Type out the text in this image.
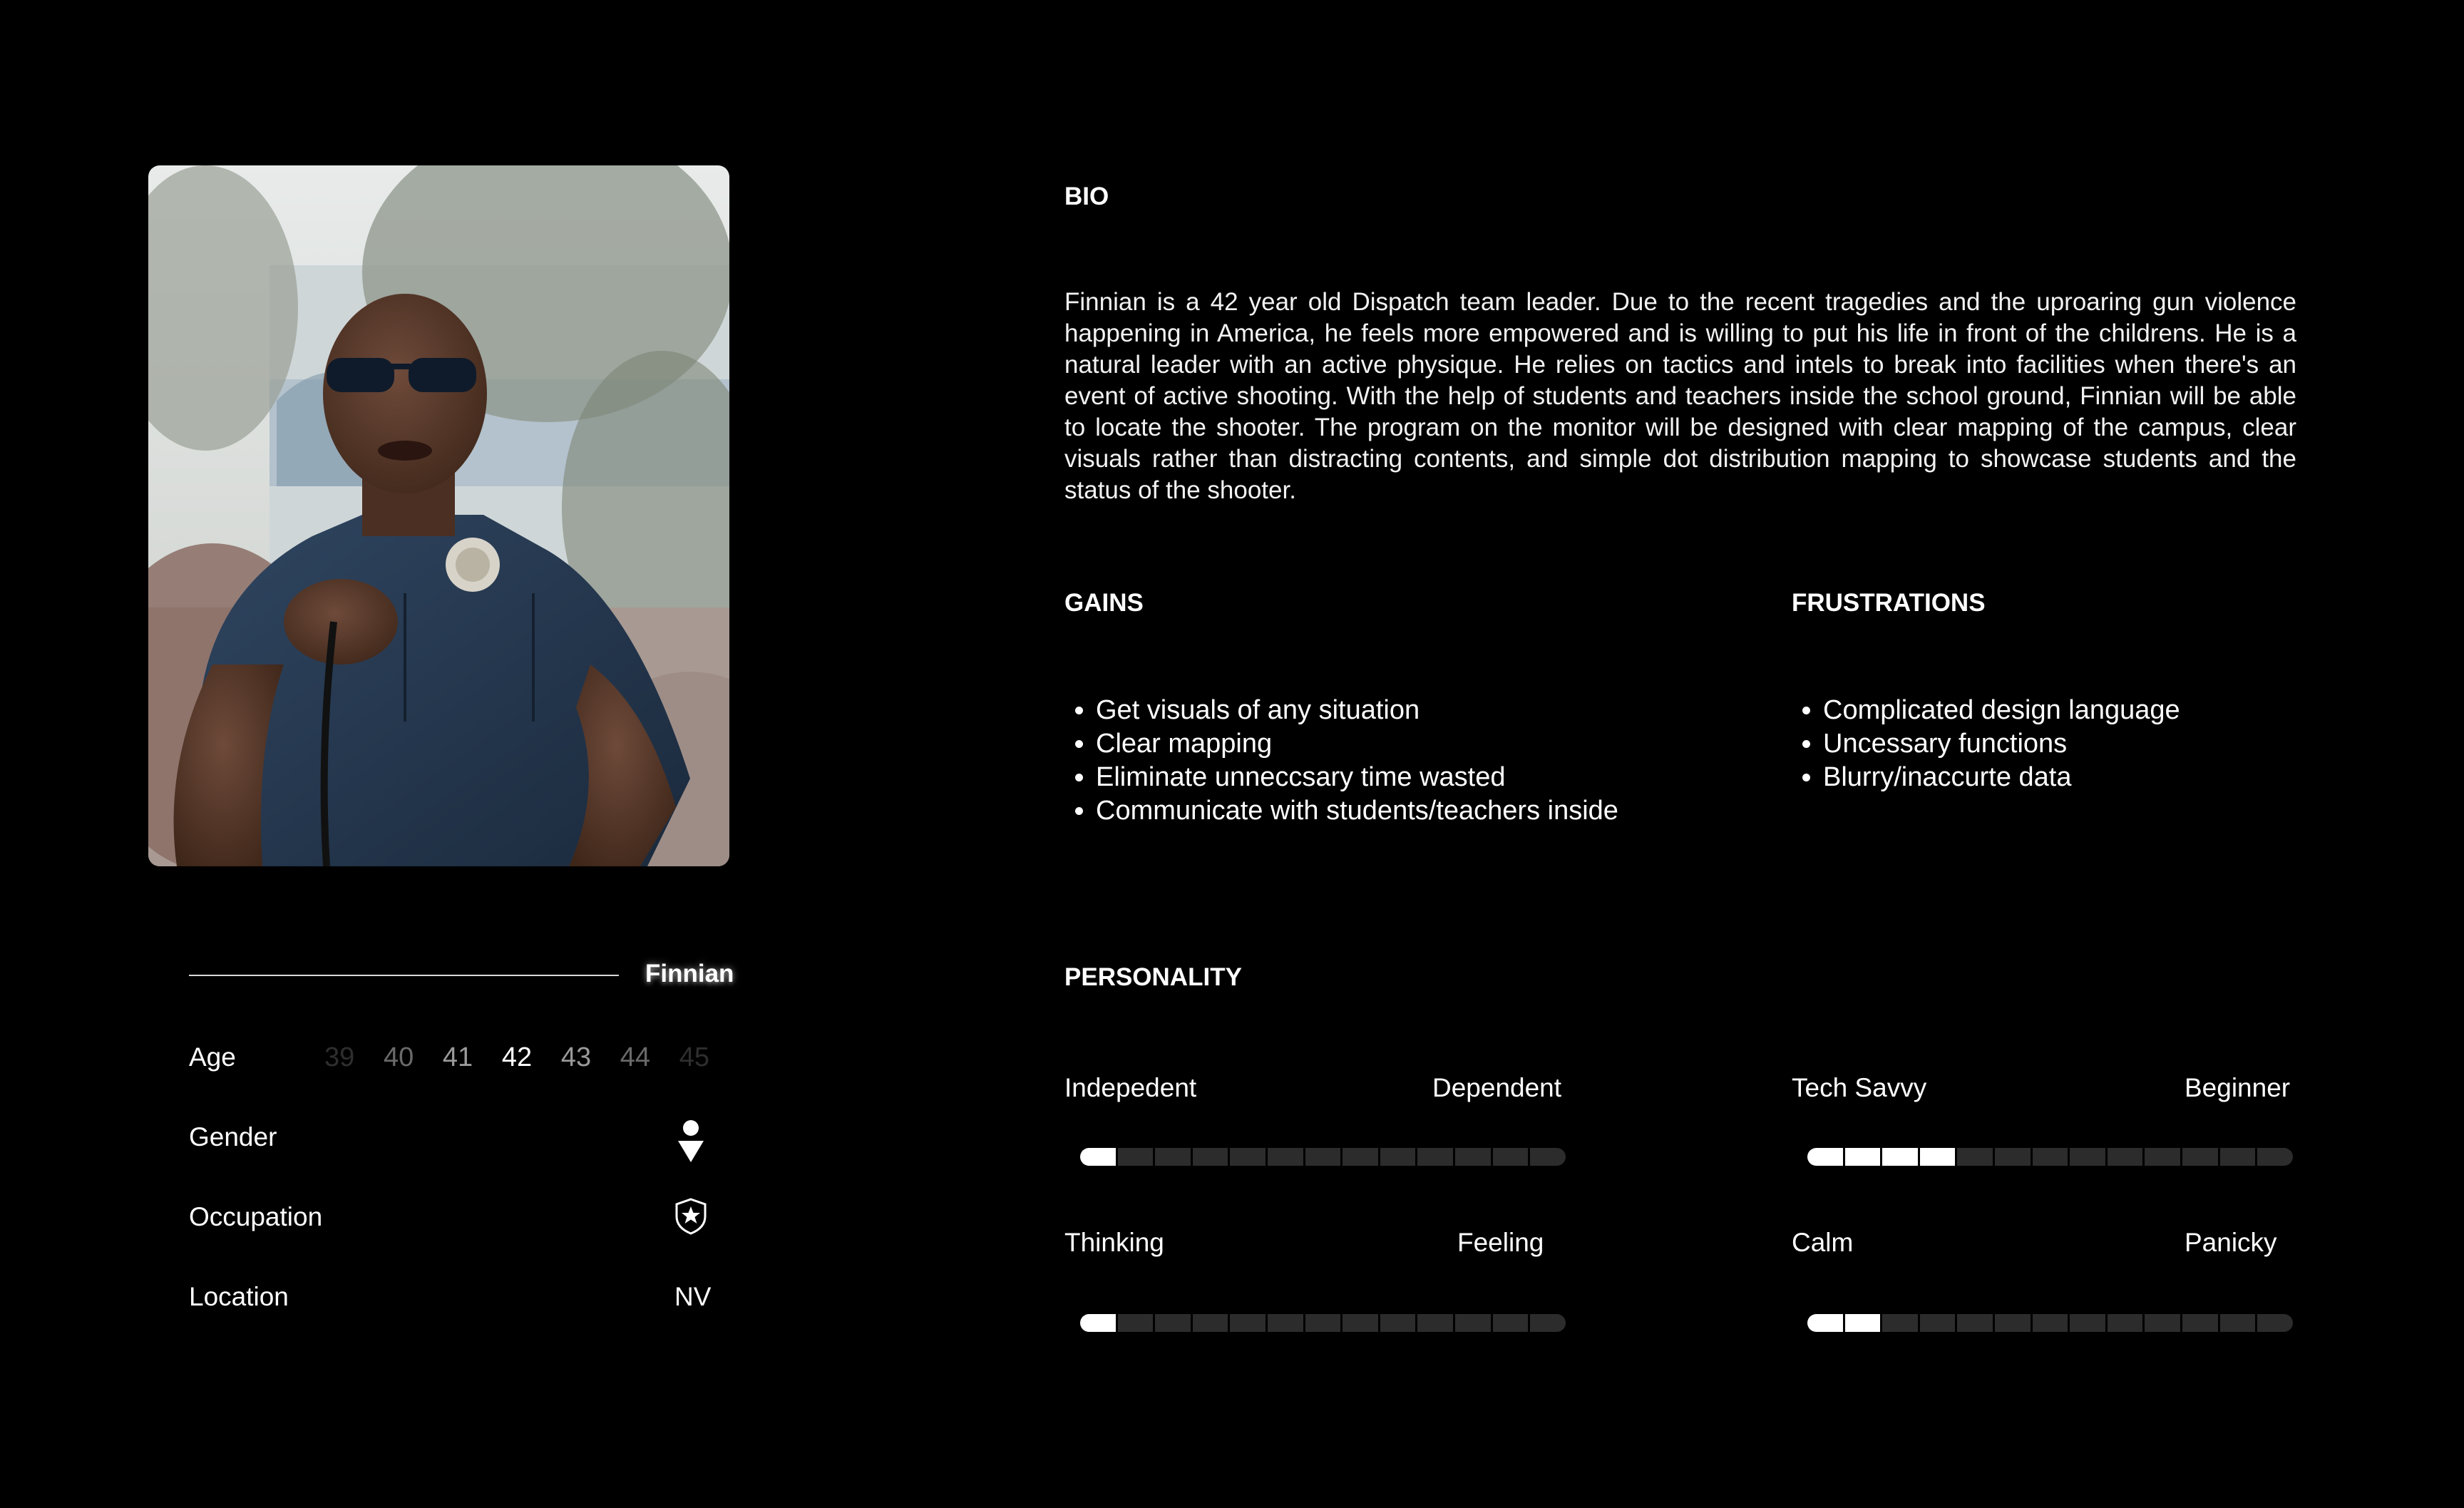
Finnian
Age	39 40 41 42 43 44 45
Gender
Occupation
Location	NV
BIO
Finnian is a 42 year old Dispatch team leader. Due to the recent tragedies and the uproaring gun violence happening in America, he feels more empowered and is willing to put his life in front of the childrens. He is a natural leader with an active physique. He relies on tactics and intels to break into facilities when there's an event of active shooting. With the help of students and teachers inside the school ground, Finnian will be able to locate the shooter. The program on the monitor will be designed with clear mapping of the campus, clear visuals rather than distracting contents, and simple dot distribution mapping to showcase students and the status of the shooter.
GAINS
• Get visuals of any situation
• Clear mapping
• Eliminate unneccsary time wasted
• Communicate with students/teachers inside
FRUSTRATIONS
• Complicated design language
• Uncessary functions
• Blurry/inaccurte data
PERSONALITY
Indepedent	Dependent	Tech Savvy	Beginner
Thinking	Feeling	Calm	Panicky
